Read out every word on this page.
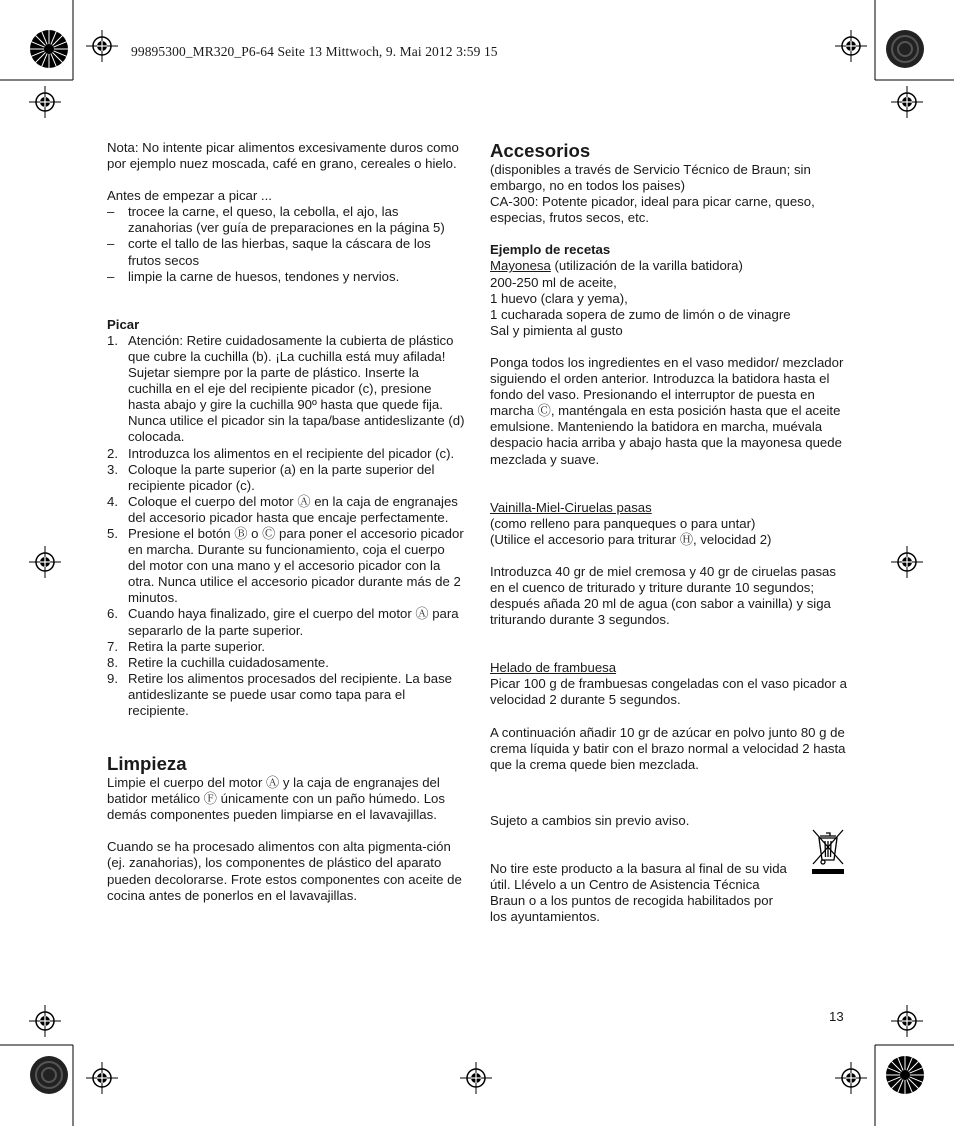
99895300_MR320_P6-64 Seite 13 Mittwoch, 9. Mai 2012 3:59 15

Nota: No intente picar alimentos excesivamente duros como por ejemplo nuez moscada, café en grano, cereales o hielo.

Antes de empezar a picar ...

– trocee la carne, el queso, la cebolla, el ajo, las zanahorias (ver guía de preparaciones en la página 5)
– corte el tallo de las hierbas, saque la cáscara de los frutos secos
– limpie la carne de huesos, tendones y nervios.

Picar

1. Atención: Retire cuidadosamente la cubierta de plástico que cubre la cuchilla (b). ¡La cuchilla está muy afilada! Sujetar siempre por la parte de plástico. Inserte la cuchilla en el eje del recipiente picador (c), presione hasta abajo y gire la cuchilla 90º hasta que quede fija. Nunca utilice el picador sin la tapa/base antideslizante (d) colocada.
2. Introduzca los alimentos en el recipiente del picador (c).
3. Coloque la parte superior (a) en la parte superior del recipiente picador (c).
4. Coloque el cuerpo del motor Ⓐ en la caja de engranajes del accesorio picador hasta que encaje perfectamente.
5. Presione el botón Ⓑ o Ⓒ para poner el accesorio picador en marcha. Durante su funcionamiento, coja el cuerpo del motor con una mano y el accesorio picador con la otra. Nunca utilice el accesorio picador durante más de 2 minutos.
6. Cuando haya finalizado, gire el cuerpo del motor Ⓐ para separarlo de la parte superior.
7. Retira la parte superior.
8. Retire la cuchilla cuidadosamente.
9. Retire los alimentos procesados del recipiente. La base antideslizante se puede usar como tapa para el recipiente.

Limpieza

Limpie el cuerpo del motor Ⓐ y la caja de engranajes del batidor metálico Ⓕ únicamente con un paño húmedo. Los demás componentes pueden limpiarse en el lavavajillas.

Cuando se ha procesado alimentos con alta pigmenta-ción (ej. zanahorias), los componentes de plástico del aparato pueden decolorarse. Frote estos componentes con aceite de cocina antes de ponerlos en el lavavajillas.

Accesorios

(disponibles a través de Servicio Técnico de Braun; sin embargo, no en todos los paises)

CA-300: Potente picador, ideal para picar carne, queso, especias, frutos secos, etc.

Ejemplo de recetas

Mayonesa (utilización de la varilla batidora)

200-250 ml de aceite,

1 huevo (clara y yema),

1 cucharada sopera de zumo de limón o de vinagre

Sal y pimienta al gusto

Ponga todos los ingredientes en el vaso medidor/ mezclador siguiendo el orden anterior. Introduzca la batidora hasta el fondo del vaso. Presionando el interruptor de puesta en marcha Ⓒ, manténgala en esta posición hasta que el aceite emulsione. Manteniendo la batidora en marcha, muévala despacio hacia arriba y abajo hasta que la mayonesa quede mezclada y suave.

Vainilla-Miel-Ciruelas pasas

(como relleno para panqueques o para untar)

(Utilice el accesorio para triturar Ⓗ, velocidad 2)

Introduzca 40 gr de miel cremosa y 40 gr de ciruelas pasas en el cuenco de triturado y triture durante 10 segundos; después añada 20 ml de agua (con sabor a vainilla) y siga triturando durante 3 segundos.

Helado de frambuesa

Picar 100 g de frambuesas congeladas con el vaso picador a velocidad 2 durante 5 segundos.

A continuación añadir 10 gr de azúcar en polvo junto 80 g de crema líquida y batir con el brazo normal a velocidad 2 hasta que la crema quede bien mezclada.

Sujeto a cambios sin previo aviso.

No tire este producto a la basura al final de su vida útil. Llévelo a un Centro de Asistencia Técnica Braun o a los puntos de recogida habilitados por los ayuntamientos.

13
